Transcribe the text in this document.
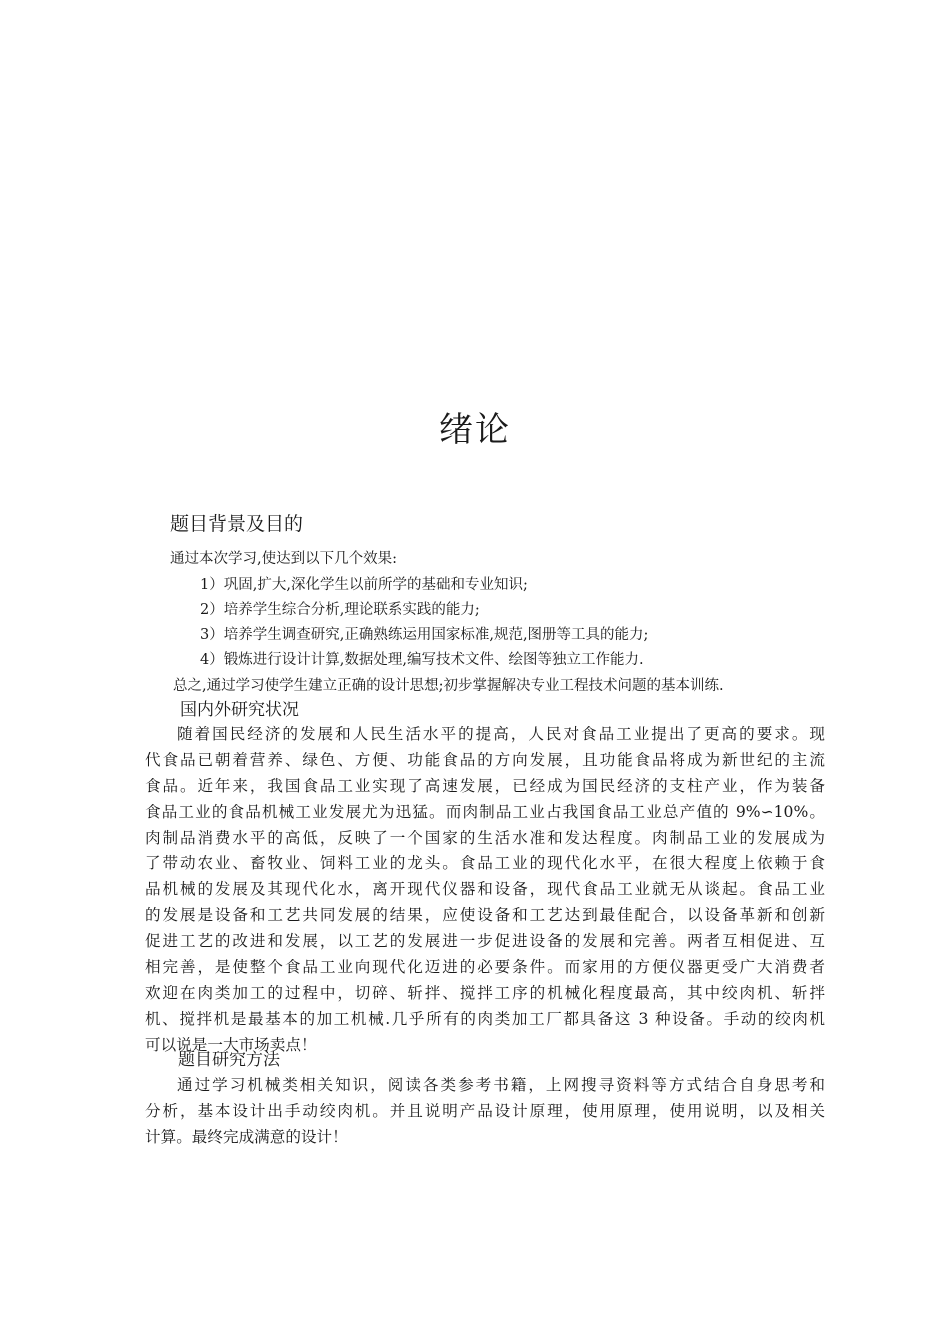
绪论
题目背景及目的

通过本次学习,使达到以下几个效果:

1）巩固,扩大,深化学生以前所学的基础和专业知识;

2）培养学生综合分析,理论联系实践的能力;

3）培养学生调查研究,正确熟练运用国家标准,规范,图册等工具的能力;

4）锻炼进行设计计算,数据处理,编写技术文件、绘图等独立工作能力.

总之,通过学习使学生建立正确的设计思想;初步掌握解决专业工程技术问题的基本训练.

国内外研究状况
随着国民经济的发展和人民生活水平的提高，人民对食品工业提出了更高的要求。现
代食品已朝着营养、绿色、方便、功能食品的方向发展，且功能食品将成为新世纪的主流
食品。近年来，我国食品工业实现了高速发展，已经成为国民经济的支柱产业，作为装备
食品工业的食品机械工业发展尤为迅猛。而肉制品工业占我国食品工业总产值的 9%∽10%。
肉制品消费水平的高低，反映了一个国家的生活水准和发达程度。肉制品工业的发展成为
了带动农业、畜牧业、饲料工业的龙头。食品工业的现代化水平，在很大程度上依赖于食
品机械的发展及其现代化水，离开现代仪器和设备，现代食品工业就无从谈起。食品工业
的发展是设备和工艺共同发展的结果，应使设备和工艺达到最佳配合，以设备革新和创新
促进工艺的改进和发展，以工艺的发展进一步促进设备的发展和完善。两者互相促进、互
相完善，是使整个食品工业向现代化迈进的必要条件。而家用的方便仪器更受广大消费者
欢迎在肉类加工的过程中，切碎、斩拌、搅拌工序的机械化程度最高，其中绞肉机、斩拌
机、搅拌机是最基本的加工机械.几乎所有的肉类加工厂都具备这 3 种设备。手动的绞肉机
可以说是一大市场卖点！
题目研究方法
通过学习机械类相关知识，阅读各类参考书籍，上网搜寻资料等方式结合自身思考和
分析，基本设计出手动绞肉机。并且说明产品设计原理，使用原理，使用说明，以及相关
计算。最终完成满意的设计！
